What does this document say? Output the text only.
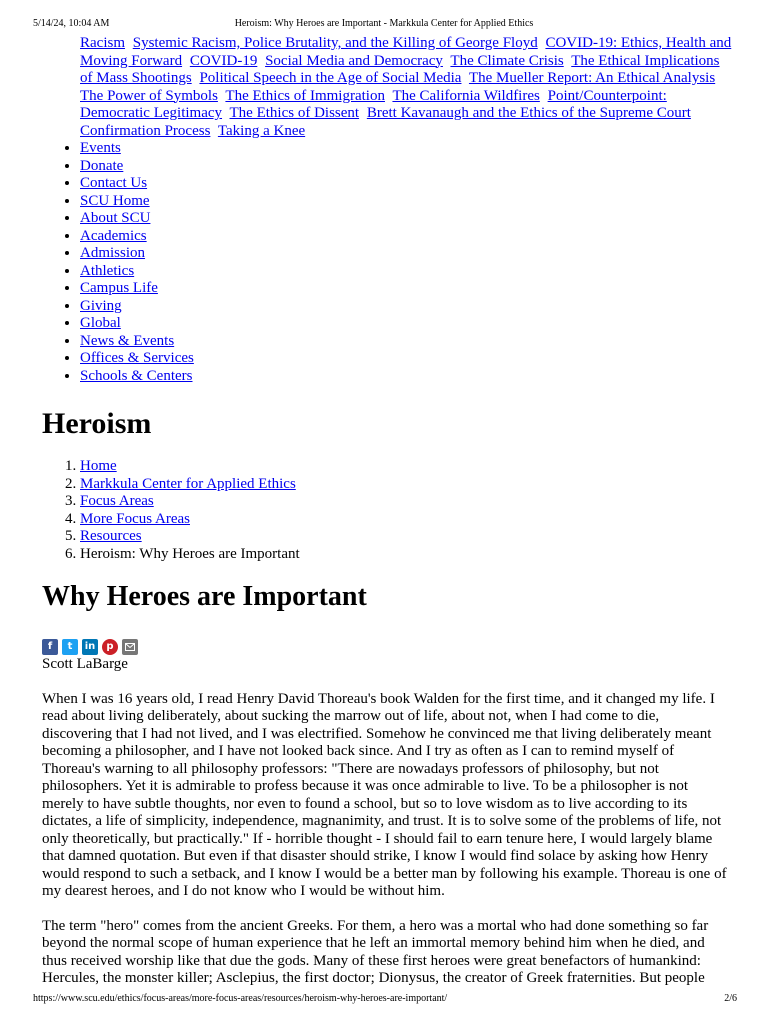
5/14/24, 10:04 AM	Heroism: Why Heroes are Important - Markkula Center for Applied Ethics
Racism Systemic Racism, Police Brutality, and the Killing of George Floyd COVID-19: Ethics, Health and Moving Forward COVID-19 Social Media and Democracy The Climate Crisis The Ethical Implications of Mass Shootings Political Speech in the Age of Social Media The Mueller Report: An Ethical Analysis The Power of Symbols The Ethics of Immigration The California Wildfires Point/Counterpoint: Democratic Legitimacy The Ethics of Dissent Brett Kavanaugh and the Ethics of the Supreme Court Confirmation Process Taking a Knee
• Events
• Donate
• Contact Us
• SCU Home
• About SCU
• Academics
• Admission
• Athletics
• Campus Life
• Giving
• Global
• News & Events
• Offices & Services
• Schools & Centers
Heroism
1. Home
2. Markkula Center for Applied Ethics
3. Focus Areas
4. More Focus Areas
5. Resources
6. Heroism: Why Heroes are Important
Why Heroes are Important
f	t	in	p
Scott LaBarge

When I was 16 years old, I read Henry David Thoreau's book Walden for the first time, and it changed my life. I read about living deliberately, about sucking the marrow out of life, about not, when I had come to die, discovering that I had not lived, and I was electrified. Somehow he convinced me that living deliberately meant becoming a philosopher, and I have not looked back since. And I try as often as I can to remind myself of Thoreau's warning to all philosophy professors: "There are nowadays professors of philosophy, but not philosophers. Yet it is admirable to profess because it was once admirable to live. To be a philosopher is not merely to have subtle thoughts, nor even to found a school, but so to love wisdom as to live according to its dictates, a life of simplicity, independence, magnanimity, and trust. It is to solve some of the problems of life, not only theoretically, but practically." If - horrible thought - I should fail to earn tenure here, I would largely blame that damned quotation. But even if that disaster should strike, I know I would find solace by asking how Henry would respond to such a setback, and I know I would be a better man by following his example. Thoreau is one of my dearest heroes, and I do not know who I would be without him.

The term "hero" comes from the ancient Greeks. For them, a hero was a mortal who had done something so far beyond the normal scope of human experience that he left an immortal memory behind him when he died, and thus received worship like that due the gods. Many of these first heroes were great benefactors of humankind: Hercules, the monster killer; Asclepius, the first doctor; Dionysus, the creator of Greek fraternities. But people

https://www.scu.edu/ethics/focus-areas/more-focus-areas/resources/heroism-why-heroes-are-important/	2/6
